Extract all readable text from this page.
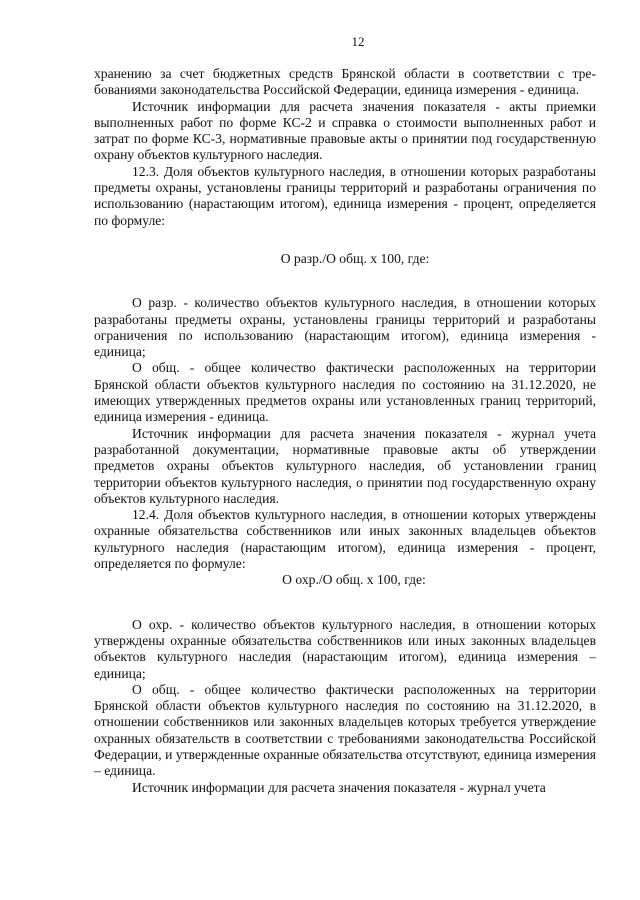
12

хранению за счет бюджетных средств Брянской области в соответствии с требованиями законодательства Российской Федерации, единица измерения - единица.

Источник информации для расчета значения показателя - акты приемки выполненных работ по форме КС-2 и справка о стоимости выполненных работ и затрат по форме КС-3, нормативные правовые акты о принятии под государственную охрану объектов культурного наследия.

12.3. Доля объектов культурного наследия, в отношении которых разработаны предметы охраны, установлены границы территорий и разработаны ограничения по использованию (нарастающим итогом), единица измерения - процент, определяется по формуле:

О разр./О общ. х 100, где:

О разр. - количество объектов культурного наследия, в отношении которых разработаны предметы охраны, установлены границы территорий и разработаны ограничения по использованию (нарастающим итогом), единица измерения - единица;

О общ. - общее количество фактически расположенных на территории Брянской области объектов культурного наследия по состоянию на 31.12.2020, не имеющих утвержденных предметов охраны или установленных границ территорий, единица измерения - единица.

Источник информации для расчета значения показателя - журнал учета разработанной документации, нормативные правовые акты об утверждении предметов охраны объектов культурного наследия, об установлении границ территории объектов культурного наследия, о принятии под государственную охрану объектов культурного наследия.

12.4. Доля объектов культурного наследия, в отношении которых утверждены охранные обязательства собственников или иных законных владельцев объектов культурного наследия (нарастающим итогом), единица измерения - процент, определяется по формуле:

О охр./О общ. х 100, где:

О охр. - количество объектов культурного наследия, в отношении которых утверждены охранные обязательства собственников или иных законных владельцев объектов культурного наследия (нарастающим итогом), единица измерения – единица;

О общ. - общее количество фактически расположенных на территории Брянской области объектов культурного наследия по состоянию на 31.12.2020, в отношении собственников или законных владельцев которых требуется утверждение охранных обязательств в соответствии с требованиями законодательства Российской Федерации, и утвержденные охранные обязательства отсутствуют, единица измерения – единица.

Источник информации для расчета значения показателя - журнал учета
